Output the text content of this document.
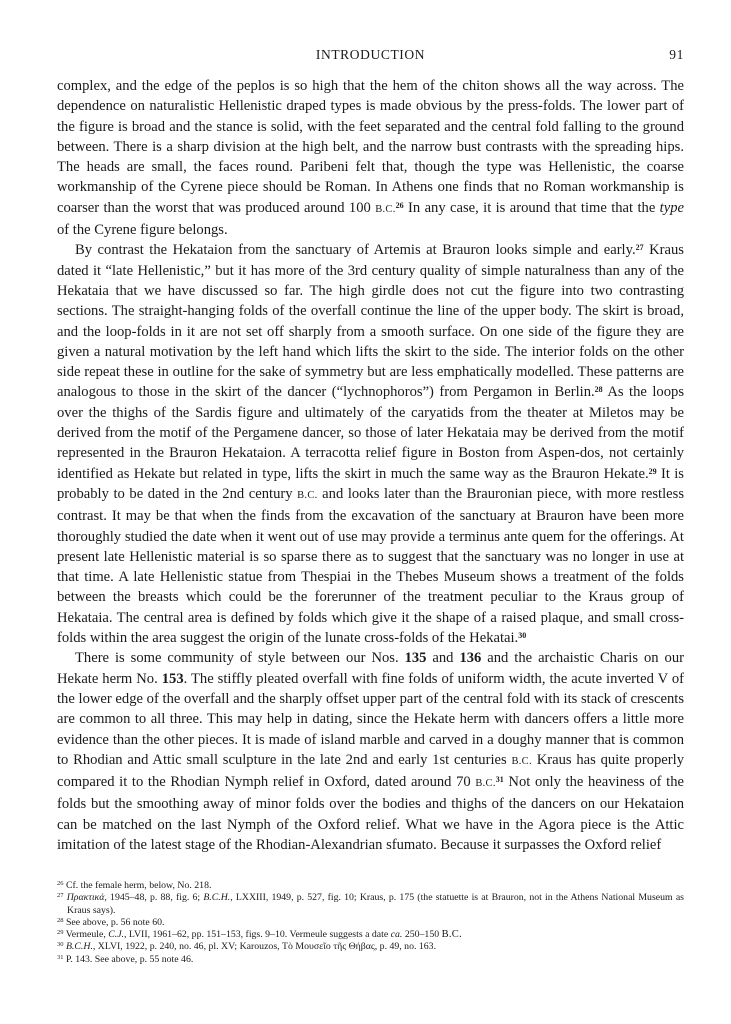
INTRODUCTION	91

complex, and the edge of the peplos is so high that the hem of the chiton shows all the way across. The dependence on naturalistic Hellenistic draped types is made obvious by the press-folds. The lower part of the figure is broad and the stance is solid, with the feet separated and the central fold falling to the ground between. There is a sharp division at the high belt, and the narrow bust contrasts with the spreading hips. The heads are small, the faces round. Paribeni felt that, though the type was Hellenistic, the coarse workmanship of the Cyrene piece should be Roman. In Athens one finds that no Roman workmanship is coarser than the worst that was produced around 100 B.C.$^{26}$ In any case, it is around that time that the type of the Cyrene figure belongs.

By contrast the Hekataion from the sanctuary of Artemis at Brauron looks simple and early.$^{27}$ Kraus dated it “late Hellenistic,” but it has more of the 3rd century quality of simple naturalness than any of the Hekataia that we have discussed so far. The high girdle does not cut the figure into two contrasting sections. The straight-hanging folds of the overfall continue the line of the upper body. The skirt is broad, and the loop-folds in it are not set off sharply from a smooth surface. On one side of the figure they are given a natural motivation by the left hand which lifts the skirt to the side. The interior folds on the other side repeat these in outline for the sake of symmetry but are less emphatically modelled. These patterns are analogous to those in the skirt of the dancer (“lychnophoros”) from Pergamon in Berlin.$^{28}$ As the loops over the thighs of the Sardis figure and ultimately of the caryatids from the theater at Miletos may be derived from the motif of the Pergamene dancer, so those of later Hekataia may be derived from the motif represented in the Brauron Hekataion. A terracotta relief figure in Boston from Aspen-dos, not certainly identified as Hekate but related in type, lifts the skirt in much the same way as the Brauron Hekate.$^{29}$ It is probably to be dated in the 2nd century B.C. and looks later than the Brauronian piece, with more restless contrast. It may be that when the finds from the excavation of the sanctuary at Brauron have been more thoroughly studied the date when it went out of use may provide a terminus ante quem for the offerings. At present late Hellenistic material is so sparse there as to suggest that the sanctuary was no longer in use at that time. A late Hellenistic statue from Thespiai in the Thebes Museum shows a treatment of the folds between the breasts which could be the forerunner of the treatment peculiar to the Kraus group of Hekataia. The central area is defined by folds which give it the shape of a raised plaque, and small cross-folds within the area suggest the origin of the lunate cross-folds of the Hekatai.$^{30}$

There is some community of style between our Nos. 135 and 136 and the archaistic Charis on our Hekate herm No. 153. The stiffly pleated overfall with fine folds of uniform width, the acute inverted V of the lower edge of the overfall and the sharply offset upper part of the central fold with its stack of crescents are common to all three. This may help in dating, since the Hekate herm with dancers offers a little more evidence than the other pieces. It is made of island marble and carved in a doughy manner that is common to Rhodian and Attic small sculpture in the late 2nd and early 1st centuries B.C. Kraus has quite properly compared it to the Rhodian Nymph relief in Oxford, dated around 70 B.C.$^{31}$ Not only the heaviness of the folds but the smoothing away of minor folds over the bodies and thighs of the dancers on our Hekataion can be matched on the last Nymph of the Oxford relief. What we have in the Agora piece is the Attic imitation of the latest stage of the Rhodian-Alexandrian sfumato. Because it surpasses the Oxford relief

$^{26}$ Cf. the female herm, below, No. 218.

$^{27}$ Πρακτικά, 1945–48, p. 88, fig. 6; B.C.H., LXXIII, 1949, p. 527, fig. 10; Kraus, p. 175 (the statuette is at Brauron, not in the Athens National Museum as Kraus says).

$^{28}$ See above, p. 56 note 60.

$^{29}$ Vermeule, C.J., LVII, 1961–62, pp. 151–153, figs. 9–10. Vermeule suggests a date ca. 250–150 B.C.

$^{30}$ B.C.H., XLVI, 1922, p. 240, no. 46, pl. XV; Karouzos, Τὸ Μουσεῖο τῆς Θήβας, p. 49, no. 163.

$^{31}$ P. 143. See above, p. 55 note 46.
